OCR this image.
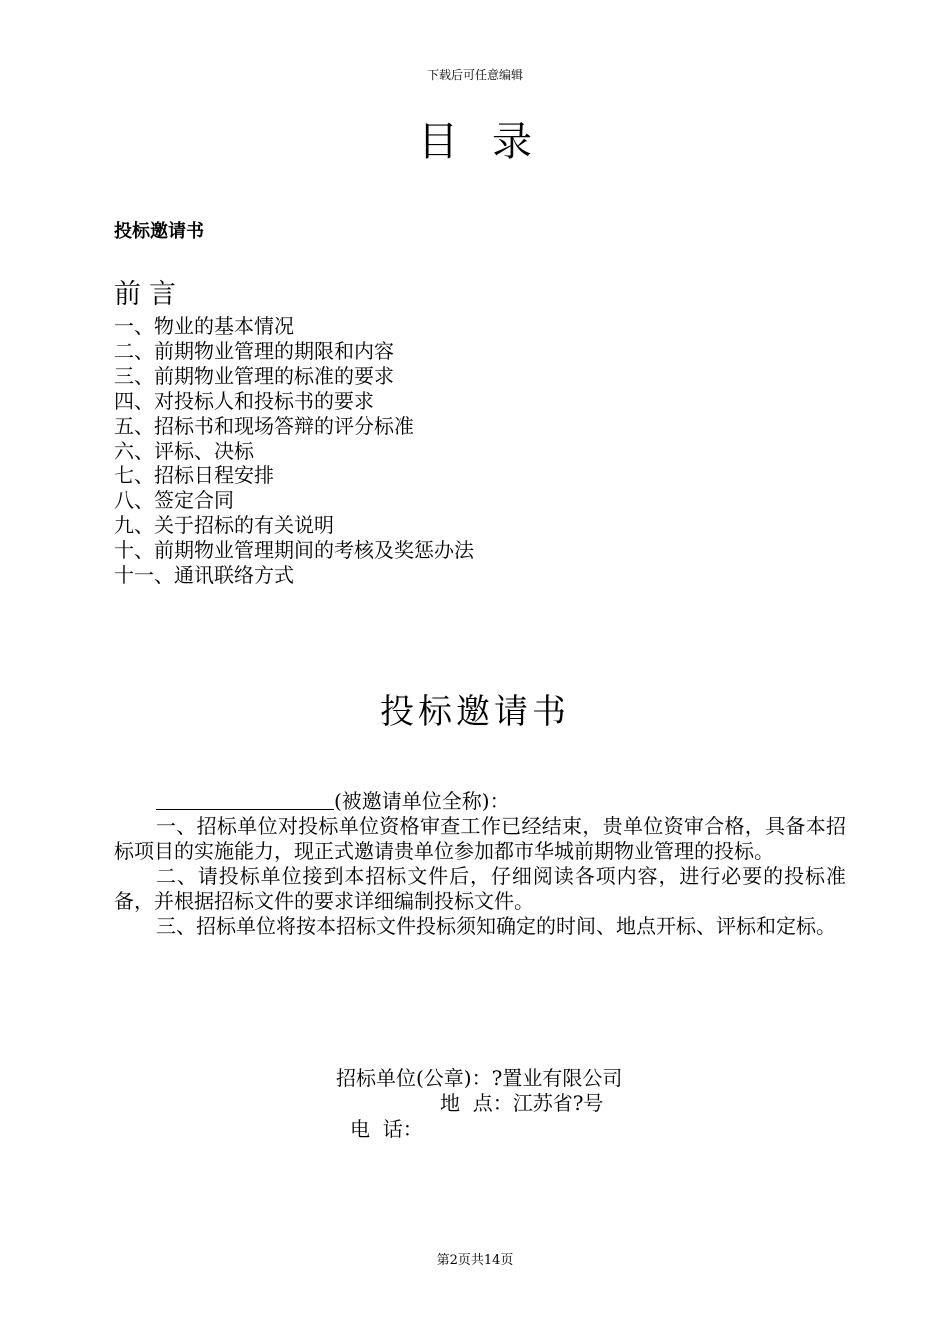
下载后可任意编辑
目录
投标邀请书
前言
一、物业的基本情况
二、前期物业管理的期限和内容
三、前期物业管理的标准的要求
四、对投标人和投标书的要求
五、招标书和现场答辩的评分标准
六、评标、决标
七、招标日程安排
八、签定合同
九、关于招标的有关说明
十、前期物业管理期间的考核及奖惩办法
十一、通讯联络方式
投标邀请书

(被邀请单位全称)：

一、招标单位对投标单位资格审查工作已经结束，贵单位资审合格，具备本招标项目的实施能力，现正式邀请贵单位参加都市华城前期物业管理的投标。

二、请投标单位接到本招标文件后，仔细阅读各项内容，进行必要的投标准备，并根据招标文件的要求详细编制投标文件。

三、招标单位将按本招标文件投标须知确定的时间、地点开标、评标和定标。

招标单位(公章)：?置业有限公司
地  点：江苏省?号
电  话：
第2页共14页
